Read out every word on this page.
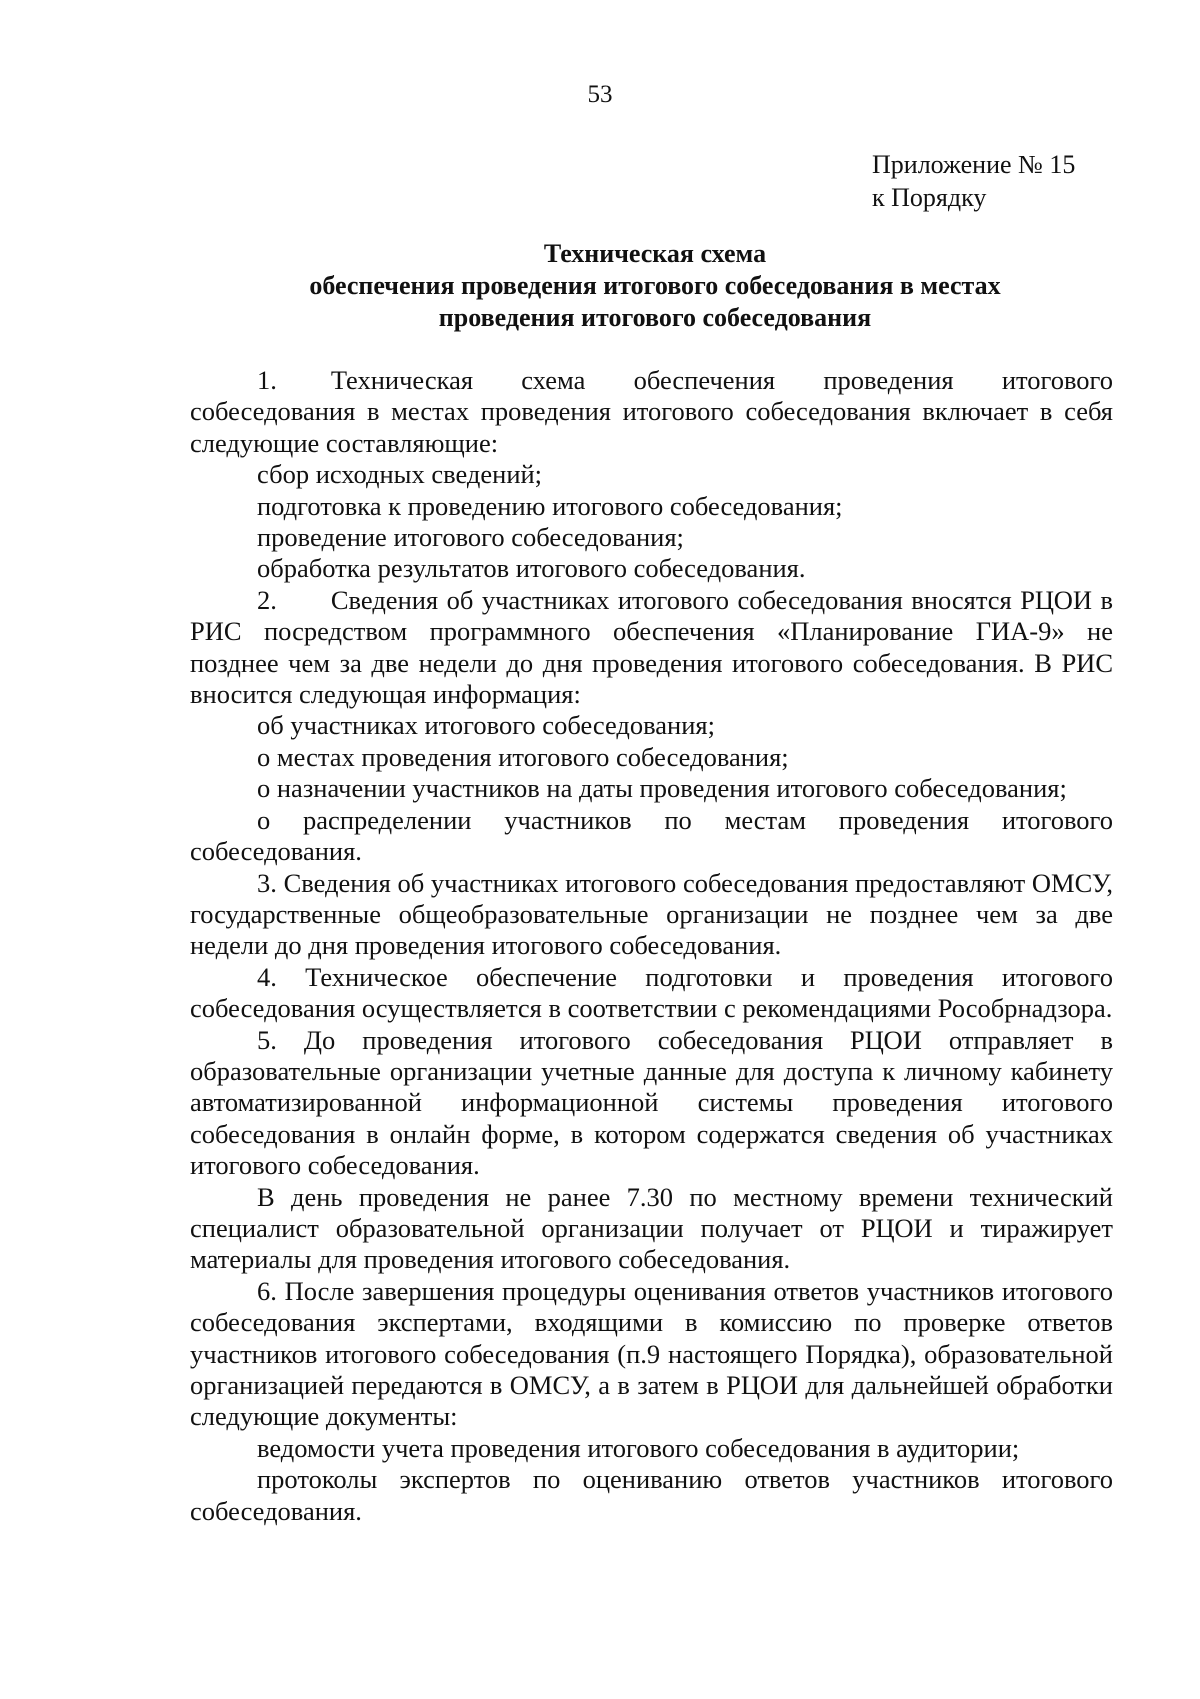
53
Приложение № 15
к Порядку
Техническая схема
обеспечения проведения итогового собеседования в местах
проведения итогового собеседования

1. Техническая схема обеспечения проведения итогового собеседования в местах проведения итогового собеседования включает в себя следующие составляющие:

сбор исходных сведений;

подготовка к проведению итогового собеседования;

проведение итогового собеседования;

обработка результатов итогового собеседования.

2. Сведения об участниках итогового собеседования вносятся РЦОИ в РИС посредством программного обеспечения «Планирование ГИА-9» не позднее чем за две недели до дня проведения итогового собеседования. В РИС вносится следующая информация:

об участниках итогового собеседования;

о местах проведения итогового собеседования;

о назначении участников на даты проведения итогового собеседования;

о распределении участников по местам проведения итогового собеседования.

3. Сведения об участниках итогового собеседования предоставляют ОМСУ, государственные общеобразовательные организации не позднее чем за две недели до дня проведения итогового собеседования.

4. Техническое обеспечение подготовки и проведения итогового собеседования осуществляется в соответствии с рекомендациями Рособрнадзора.

5. До проведения итогового собеседования РЦОИ отправляет в образовательные организации учетные данные для доступа к личному кабинету автоматизированной информационной системы проведения итогового собеседования в онлайн форме, в котором содержатся сведения об участниках итогового собеседования.

В день проведения не ранее 7.30 по местному времени технический специалист образовательной организации получает от РЦОИ и тиражирует материалы для проведения итогового собеседования.

6. После завершения процедуры оценивания ответов участников итогового собеседования экспертами, входящими в комиссию по проверке ответов участников итогового собеседования (п.9 настоящего Порядка), образовательной организацией передаются в ОМСУ, а в затем в РЦОИ для дальнейшей обработки следующие документы:

ведомости учета проведения итогового собеседования в аудитории;

протоколы экспертов по оцениванию ответов участников итогового собеседования.
